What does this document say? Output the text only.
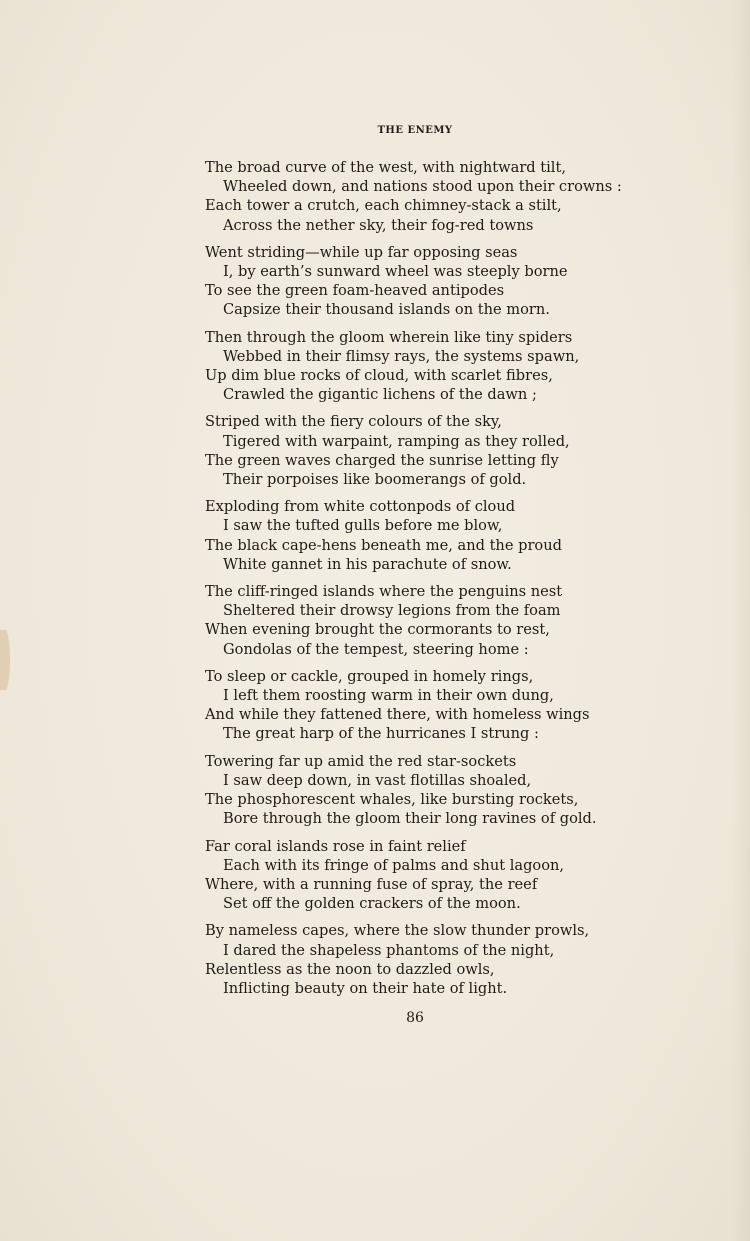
THE ENEMY
The broad curve of the west, with nightward tilt,
Wheeled down, and nations stood upon their crowns :
Each tower a crutch, each chimney-stack a stilt,
Across the nether sky, their fog-red towns
Went striding—while up far opposing seas
I, by earth’s sunward wheel was steeply borne
To see the green foam-heaved antipodes
Capsize their thousand islands on the morn.
Then through the gloom wherein like tiny spiders
Webbed in their flimsy rays, the systems spawn,
Up dim blue rocks of cloud, with scarlet fibres,
Crawled the gigantic lichens of the dawn ;
Striped with the fiery colours of the sky,
Tigered with warpaint, ramping as they rolled,
The green waves charged the sunrise letting fly
Their porpoises like boomerangs of gold.
Exploding from white cottonpods of cloud
I saw the tufted gulls before me blow,
The black cape-hens beneath me, and the proud
White gannet in his parachute of snow.
The cliff-ringed islands where the penguins nest
Sheltered their drowsy legions from the foam
When evening brought the cormorants to rest,
Gondolas of the tempest, steering home :
To sleep or cackle, grouped in homely rings,
I left them roosting warm in their own dung,
And while they fattened there, with homeless wings
The great harp of the hurricanes I strung :
Towering far up amid the red star-sockets
I saw deep down, in vast flotillas shoaled,
The phosphorescent whales, like bursting rockets,
Bore through the gloom their long ravines of gold.
Far coral islands rose in faint relief
Each with its fringe of palms and shut lagoon,
Where, with a running fuse of spray, the reef
Set off the golden crackers of the moon.
By nameless capes, where the slow thunder prowls,
I dared the shapeless phantoms of the night,
Relentless as the noon to dazzled owls,
Inflicting beauty on their hate of light.
86
